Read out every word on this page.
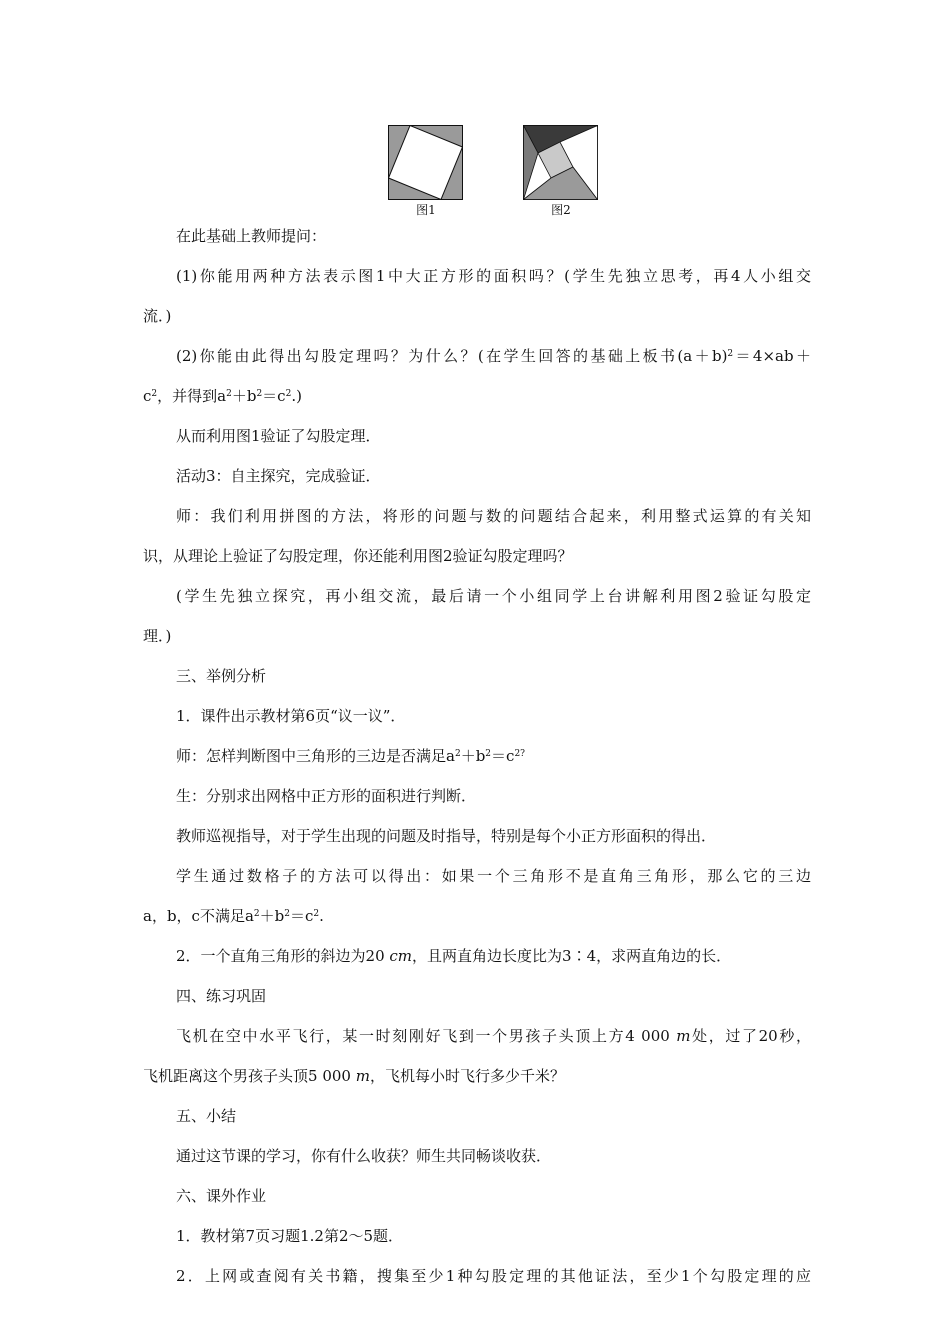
图1	图2

在此基础上教师提问：

(1)你能用两种方法表示图1中大正方形的面积吗？(学生先独立思考，再4人小组交

流．)

(2)你能由此得出勾股定理吗？为什么？(在学生回答的基础上板书$(a+b)^2=4\times ab+$

$c^2$，并得到$a^2+b^2=c^2$.)

从而利用图1验证了勾股定理．

活动3：自主探究，完成验证．

师：我们利用拼图的方法，将形的问题与数的问题结合起来，利用整式运算的有关知

识，从理论上验证了勾股定理，你还能利用图2验证勾股定理吗？

(学生先独立探究，再小组交流，最后请一个小组同学上台讲解利用图2验证勾股定

理．)

三、举例分析

1．课件出示教材第6页“议一议”．

师：怎样判断图中三角形的三边是否满足$a^2+b^2=c^{2?}$

生：分别求出网格中正方形的面积进行判断．

教师巡视指导，对于学生出现的问题及时指导，特别是每个小正方形面积的得出．

学生通过数格子的方法可以得出：如果一个三角形不是直角三角形，那么它的三边

a，b，c不满足$a^2+b^2=c^2$.

2．一个直角三角形的斜边为20 cm，且两直角边长度比为3∶4，求两直角边的长．

四、练习巩固

飞机在空中水平飞行，某一时刻刚好飞到一个男孩子头顶上方4 000 m处，过了20秒，

飞机距离这个男孩子头顶5 000 m，飞机每小时飞行多少千米？

五、小结

通过这节课的学习，你有什么收获？师生共同畅谈收获．

六、课外作业

1．教材第7页习题1.2第2～5题．

2．上网或查阅有关书籍，搜集至少1种勾股定理的其他证法，至少1个勾股定理的应
